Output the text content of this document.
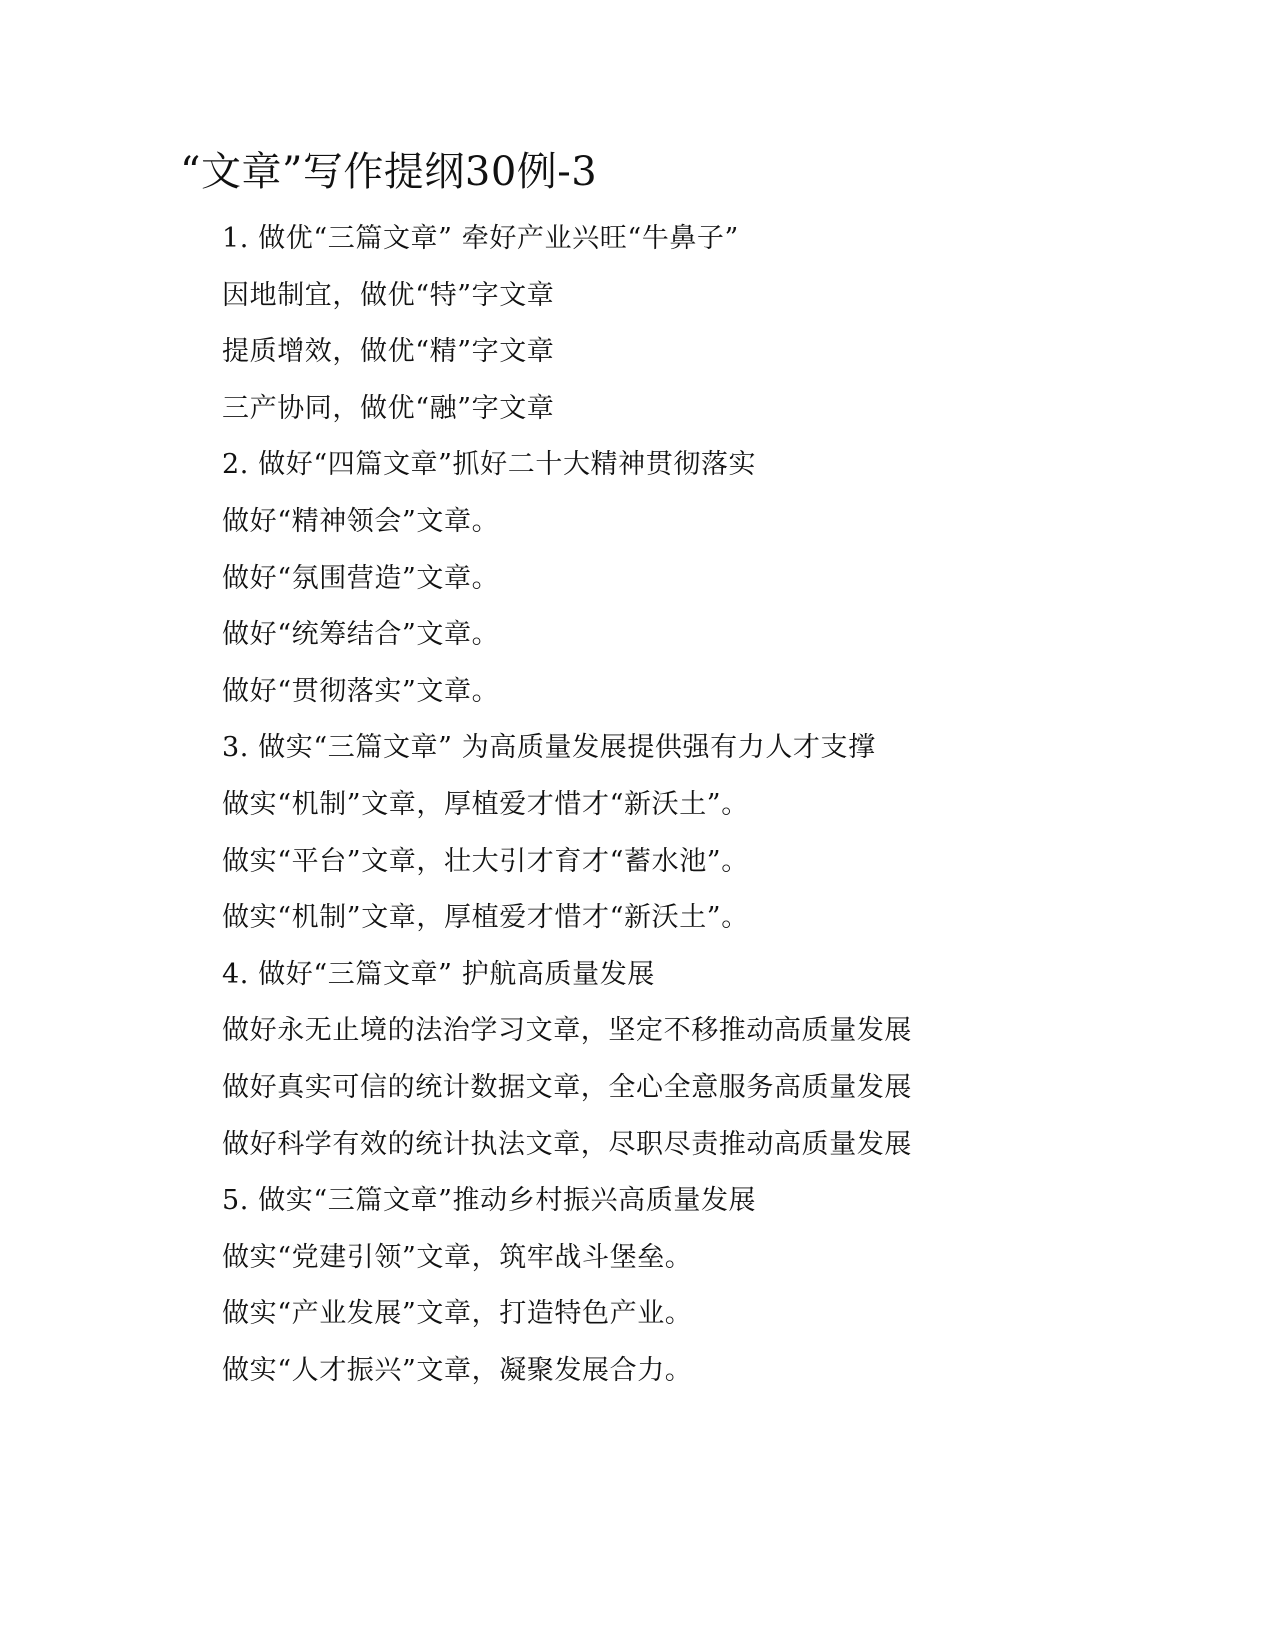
“文章”写作提纲30例-3
1. 做优“三篇文章” 牵好产业兴旺“牛鼻子”
因地制宜，做优“特”字文章
提质增效，做优“精”字文章
三产协同，做优“融”字文章
2. 做好“四篇文章”抓好二十大精神贯彻落实
做好“精神领会”文章。
做好“氛围营造”文章。
做好“统筹结合”文章。
做好“贯彻落实”文章。
3. 做实“三篇文章” 为高质量发展提供强有力人才支撑
做实“机制”文章，厚植爱才惜才“新沃土”。
做实“平台”文章，壮大引才育才“蓄水池”。
做实“机制”文章，厚植爱才惜才“新沃土”。
4. 做好“三篇文章” 护航高质量发展
做好永无止境的法治学习文章，坚定不移推动高质量发展
做好真实可信的统计数据文章，全心全意服务高质量发展
做好科学有效的统计执法文章，尽职尽责推动高质量发展
5. 做实“三篇文章”推动乡村振兴高质量发展
做实“党建引领”文章，筑牢战斗堡垒。
做实“产业发展”文章，打造特色产业。
做实“人才振兴”文章，凝聚发展合力。
